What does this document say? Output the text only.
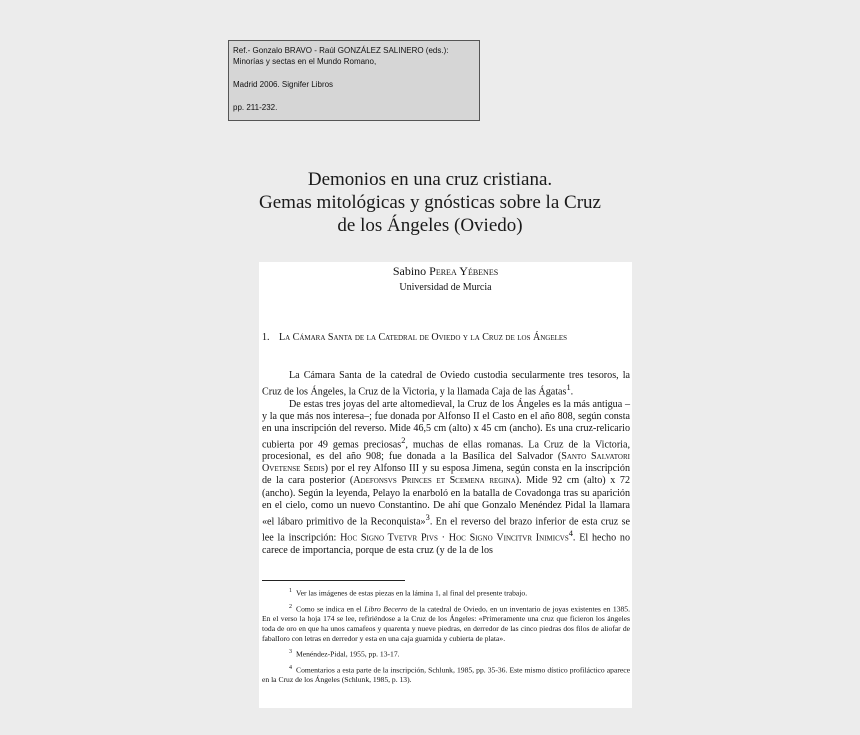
Ref.- Gonzalo BRAVO - Raúl GONZÁLEZ SALINERO (eds.):
Minorías y sectas en el Mundo Romano,
Madrid 2006. Signifer Libros
pp. 211-232.
Demonios en una cruz cristiana.
Gemas mitológicas y gnósticas sobre la Cruz
de los Ángeles (Oviedo)
Sabino Perea Yébenes
Universidad de Murcia
1. La Cámara Santa de la Catedral de Oviedo y la Cruz de los Ángeles

La Cámara Santa de la catedral de Oviedo custodia secularmente tres tesoros, la Cruz de los Ángeles, la Cruz de la Victoria, y la llamada Caja de las Ágatas$^1$.

De estas tres joyas del arte altomedieval, la Cruz de los Ángeles es la más antigua –y la que más nos interesa–; fue donada por Alfonso II el Casto en el año 808, según consta en una inscripción del reverso. Mide 46,5 cm (alto) x 45 cm (ancho). Es una cruz-relicario cubierta por 49 gemas preciosas$^2$, muchas de ellas romanas. La Cruz de la Victoria, procesional, es del año 908; fue donada a la Basílica del Salvador (Santo Salvatori Ovetense Sedis) por el rey Alfonso III y su esposa Jimena, según consta en la inscripción de la cara posterior (Adefonsvs Princes et Scemena regina). Mide 92 cm (alto) x 72 (ancho). Según la leyenda, Pelayo la enarboló en la batalla de Covadonga tras su aparición en el cielo, como un nuevo Constantino. De ahí que Gonzalo Menéndez Pidal la llamara «el lábaro primitivo de la Reconquista»$^3$. En el reverso del brazo inferior de esta cruz se lee la inscripción: Hoc Signo Tvetvr Pivs · Hoc Signo Vincitvr Inimicvs$^4$. El hecho no carece de importancia, porque de esta cruz (y de la de los

$^1$ Ver las imágenes de estas piezas en la lámina 1, al final del presente trabajo.

$^2$ Como se indica en el Libro Becerro de la catedral de Oviedo, en un inventario de joyas existentes en 1385. En el verso la hoja 174 se lee, refiriéndose a la Cruz de los Ángeles: «Primeramente una cruz que ficieron los ángeles toda de oro en que ha unos camafeos y quarenta y nueve piedras, en derredor de las cinco piedras dos filos de aliofar de fabalIoro con letras en derredor y esta en una caja guarnida y cubierta de plata».

$^3$ Menéndez-Pidal, 1955, pp. 13-17.

$^4$ Comentarios a esta parte de la inscripción, Schlunk, 1985, pp. 35-36. Este mismo dístico profiláctico aparece en la Cruz de los Ángeles (Schlunk, 1985, p. 13).
